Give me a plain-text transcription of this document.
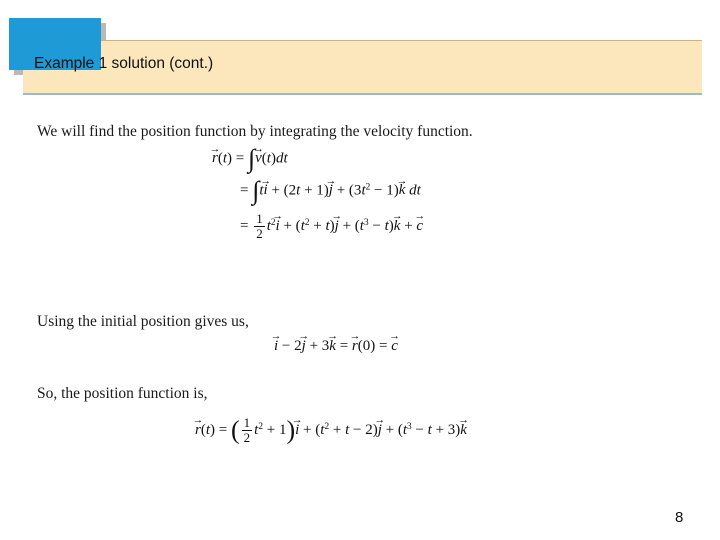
Example 1 solution (cont.)
We will find the position function by integrating the velocity function.
→ r(t) = ∫→ v(t)dt
= $\int t\to i + (2t + 1)\to j + (3t^2 - 1)\to k$ dt
= $\frac{1}{2} t^2\to i + (t^2 + t)\to j + (t^3 - t)\to k$ + → c
Using the initial position gives us,
→ i − 2→ j + 3→ k = → r(0) = → c
So, the position function is,
→ r(t) = ( $\frac{1}{2} t^2 + 1)\to i + (t^2 + t - 2)\to j + (t^3 - t + 3)\to k$
8
